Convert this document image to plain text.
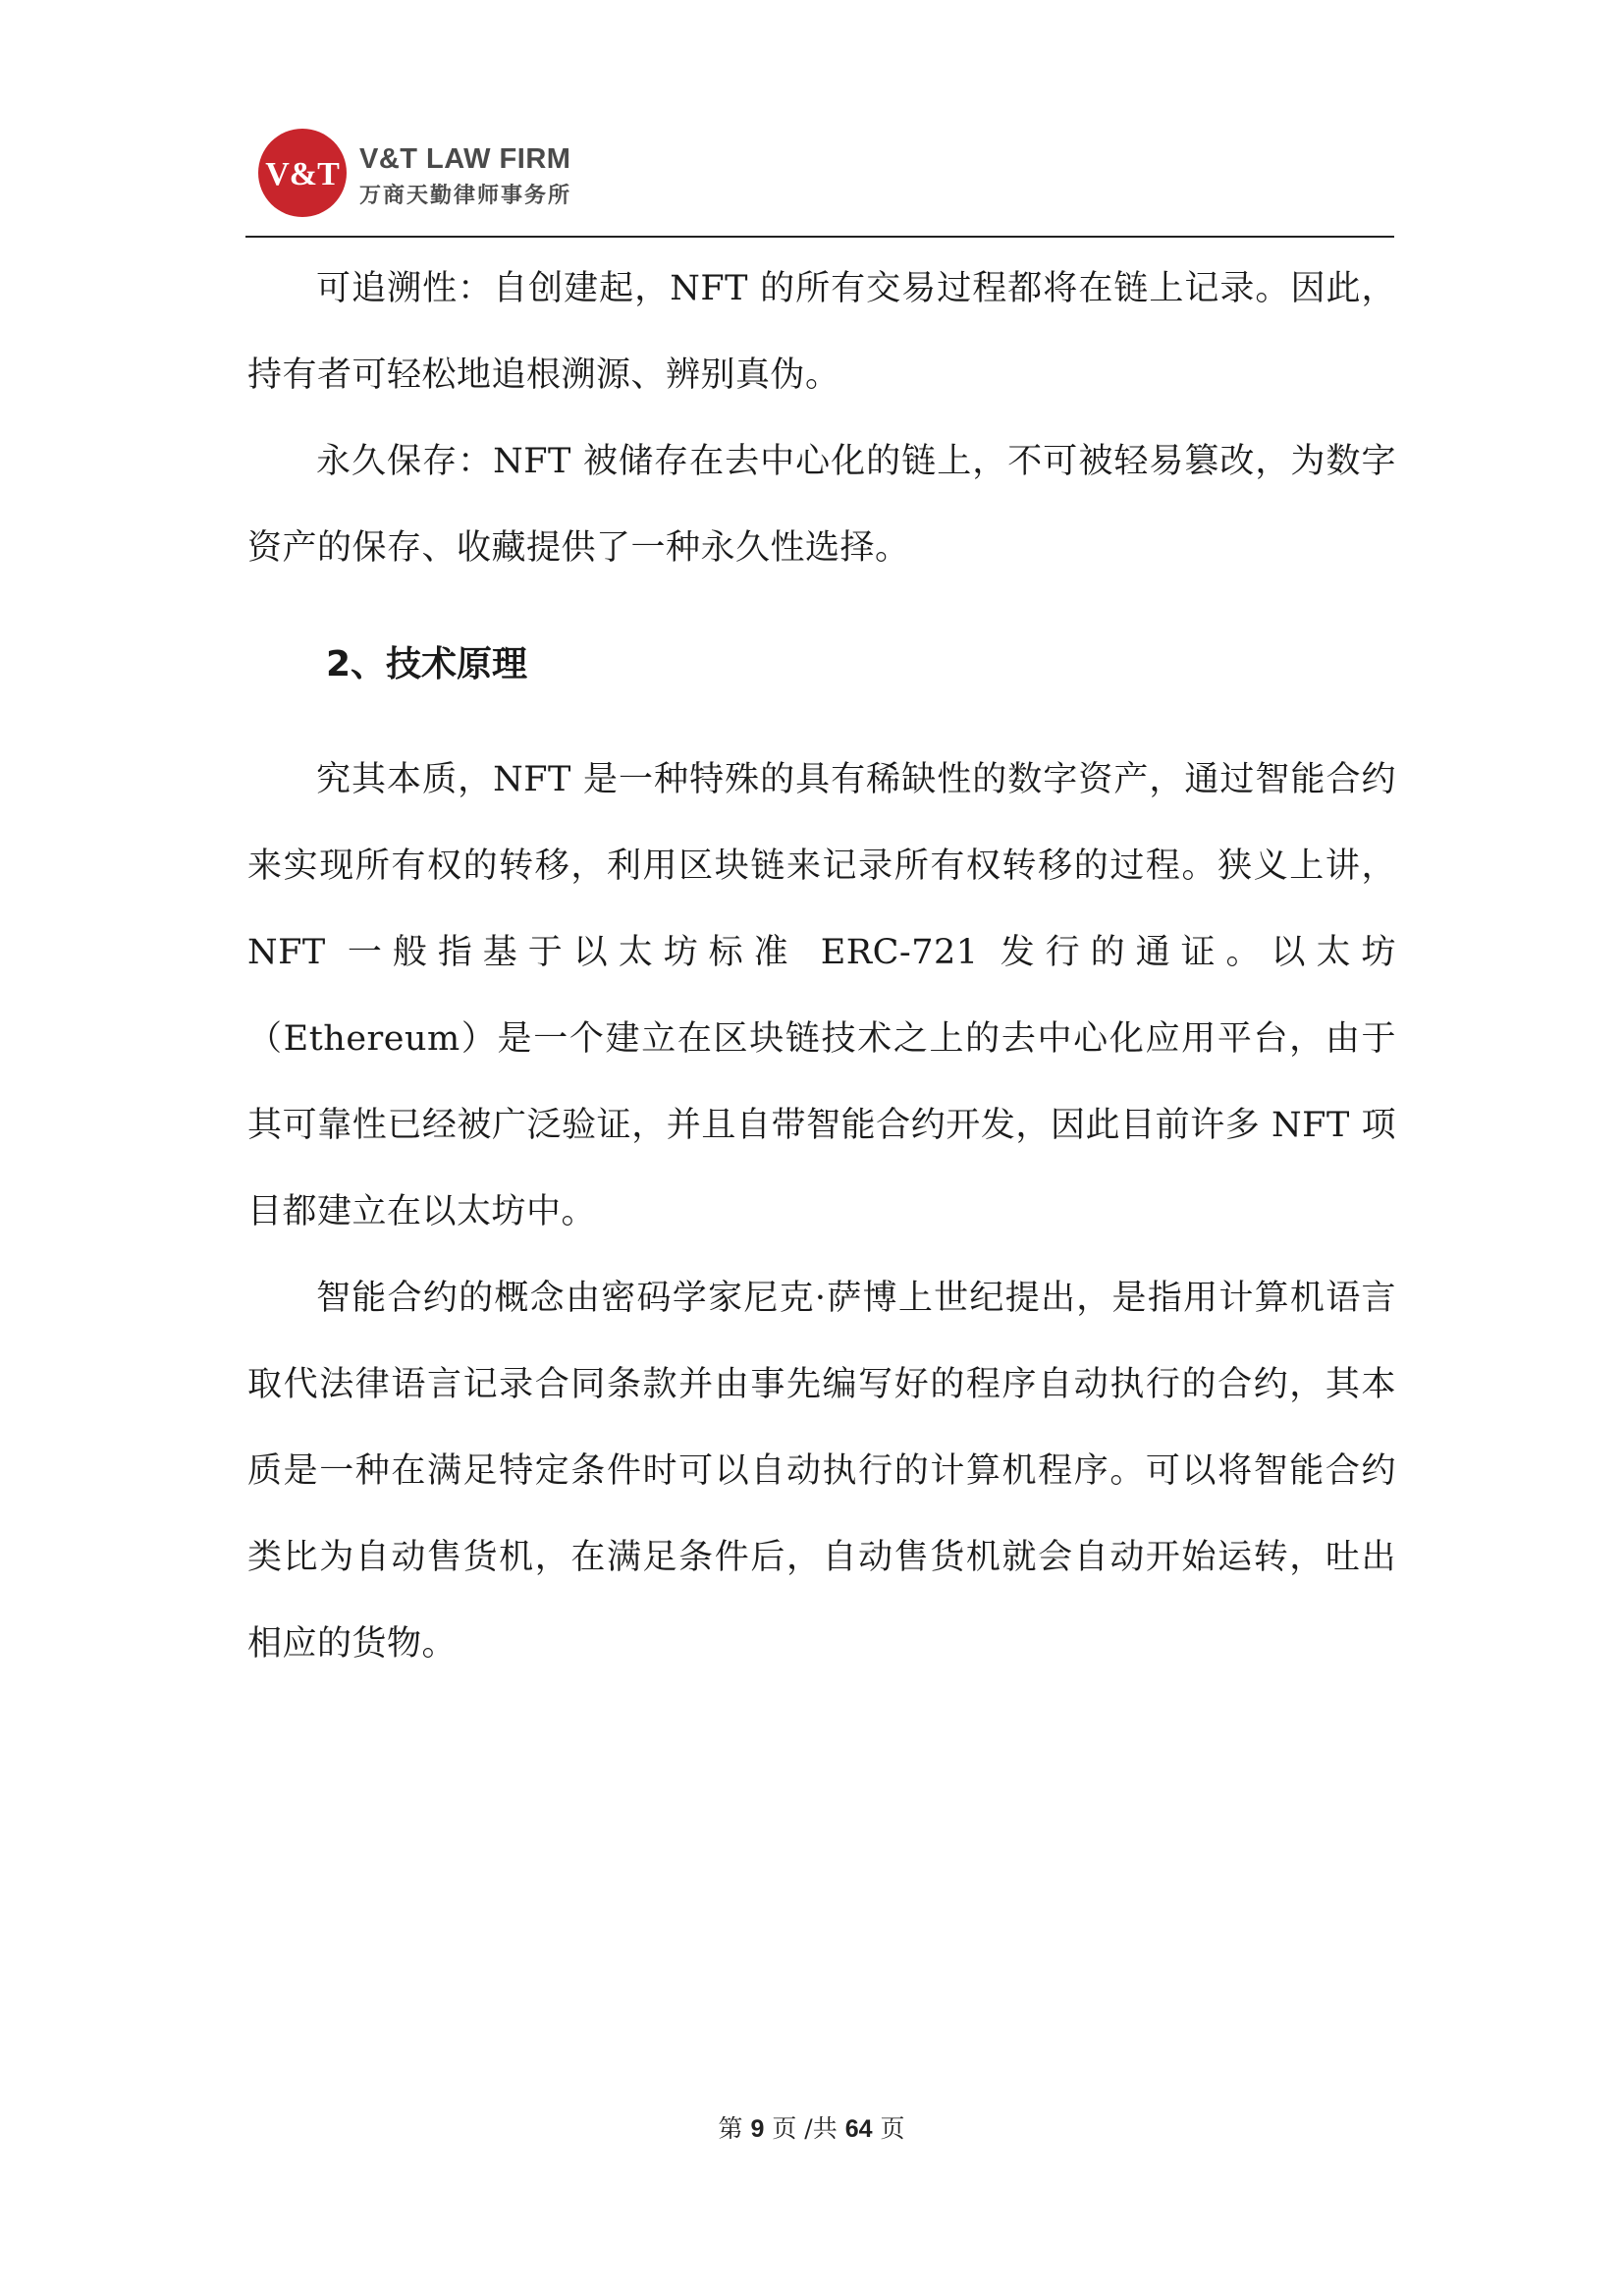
V&T V&T LAW FIRM
万商天勤律师事务所

可追溯性：自创建起，NFT 的所有交易过程都将在链上记录。因此，持有者可轻松地追根溯源、辨别真伪。

永久保存：NFT 被储存在去中心化的链上，不可被轻易篡改，为数字资产的保存、收藏提供了一种永久性选择。

2、技术原理

究其本质，NFT 是一种特殊的具有稀缺性的数字资产，通过智能合约来实现所有权的转移，利用区块链来记录所有权转移的过程。狭义上讲，NFT 一般指基于以太坊标准 ERC-721 发行的通证。以太坊（Ethereum）是一个建立在区块链技术之上的去中心化应用平台，由于其可靠性已经被广泛验证，并且自带智能合约开发，因此目前许多 NFT 项目都建立在以太坊中。

智能合约的概念由密码学家尼克·萨博上世纪提出，是指用计算机语言取代法律语言记录合同条款并由事先编写好的程序自动执行的合约，其本质是一种在满足特定条件时可以自动执行的计算机程序。可以将智能合约类比为自动售货机，在满足条件后，自动售货机就会自动开始运转，吐出相应的货物。

第 9 页 /共 64 页
